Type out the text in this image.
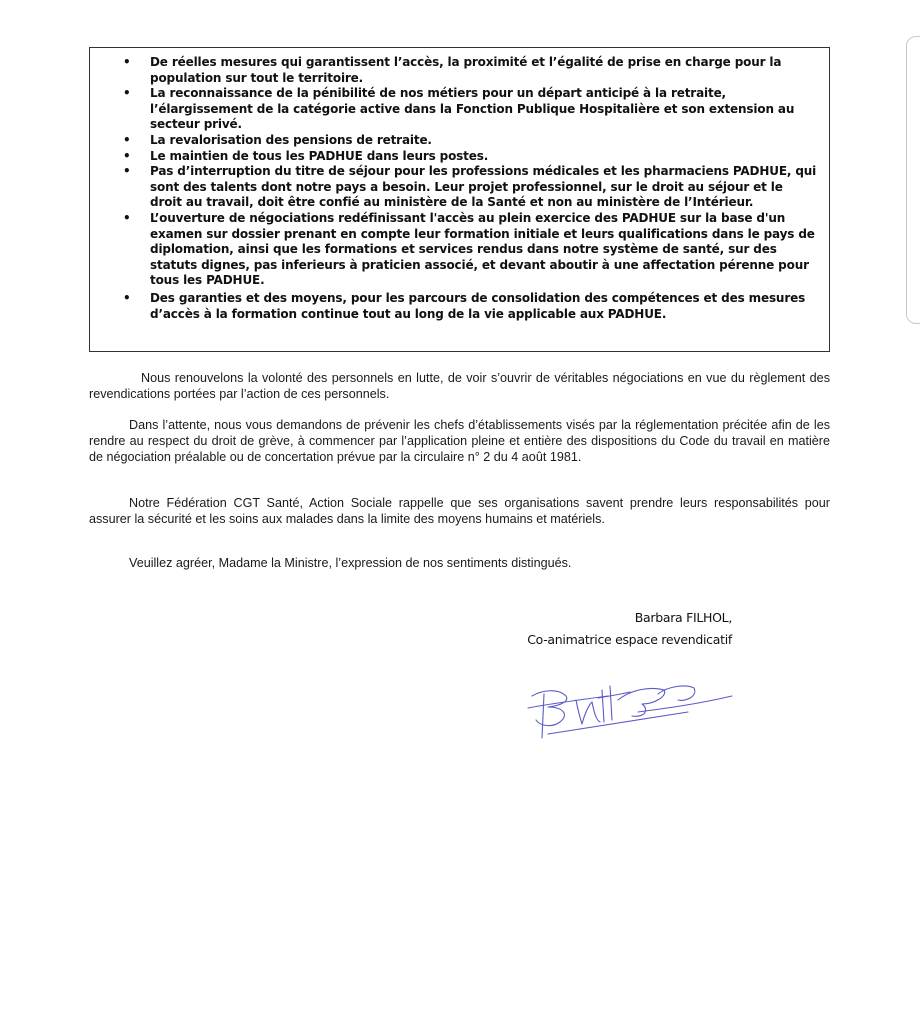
• De réelles mesures qui garantissent l’accès, la proximité et l’égalité de prise en charge pour la population sur tout le territoire.
• La reconnaissance de la pénibilité de nos métiers pour un départ anticipé à la retraite, l’élargissement de la catégorie active dans la Fonction Publique Hospitalière et son extension au secteur privé.
• La revalorisation des pensions de retraite.
• Le maintien de tous les PADHUE dans leurs postes.
• Pas d’interruption du titre de séjour pour les professions médicales et les pharmaciens PADHUE, qui sont des talents dont notre pays a besoin. Leur projet professionnel, sur le droit au séjour et le droit au travail, doit être confié au ministère de la Santé et non au ministère de l’Intérieur.
• L’ouverture de négociations redéfinissant l'accès au plein exercice des PADHUE sur la base d'un examen sur dossier prenant en compte leur formation initiale et leurs qualifications dans le pays de diplomation, ainsi que les formations et services rendus dans notre système de santé, sur des statuts dignes, pas inferieurs à praticien associé, et devant aboutir à une affectation pérenne pour tous les PADHUE.
• Des garanties et des moyens, pour les parcours de consolidation des compétences et des mesures d’accès à la formation continue tout au long de la vie applicable aux PADHUE.

Nous renouvelons la volonté des personnels en lutte, de voir s’ouvrir de véritables négociations en vue du règlement des revendications portées par l’action de ces personnels.

Dans l’attente, nous vous demandons de prévenir les chefs d’établissements visés par la réglementation précitée afin de les rendre au respect du droit de grève, à commencer par l’application pleine et entière des dispositions du Code du travail en matière de négociation préalable ou de concertation prévue par la circulaire n° 2 du 4 août 1981.

Notre Fédération CGT Santé, Action Sociale rappelle que ses organisations savent prendre leurs responsabilités pour assurer la sécurité et les soins aux malades dans la limite des moyens humains et matériels.

Veuillez agréer, Madame la Ministre, l’expression de nos sentiments distingués.

Barbara FILHOL,
Co-animatrice espace revendicatif
